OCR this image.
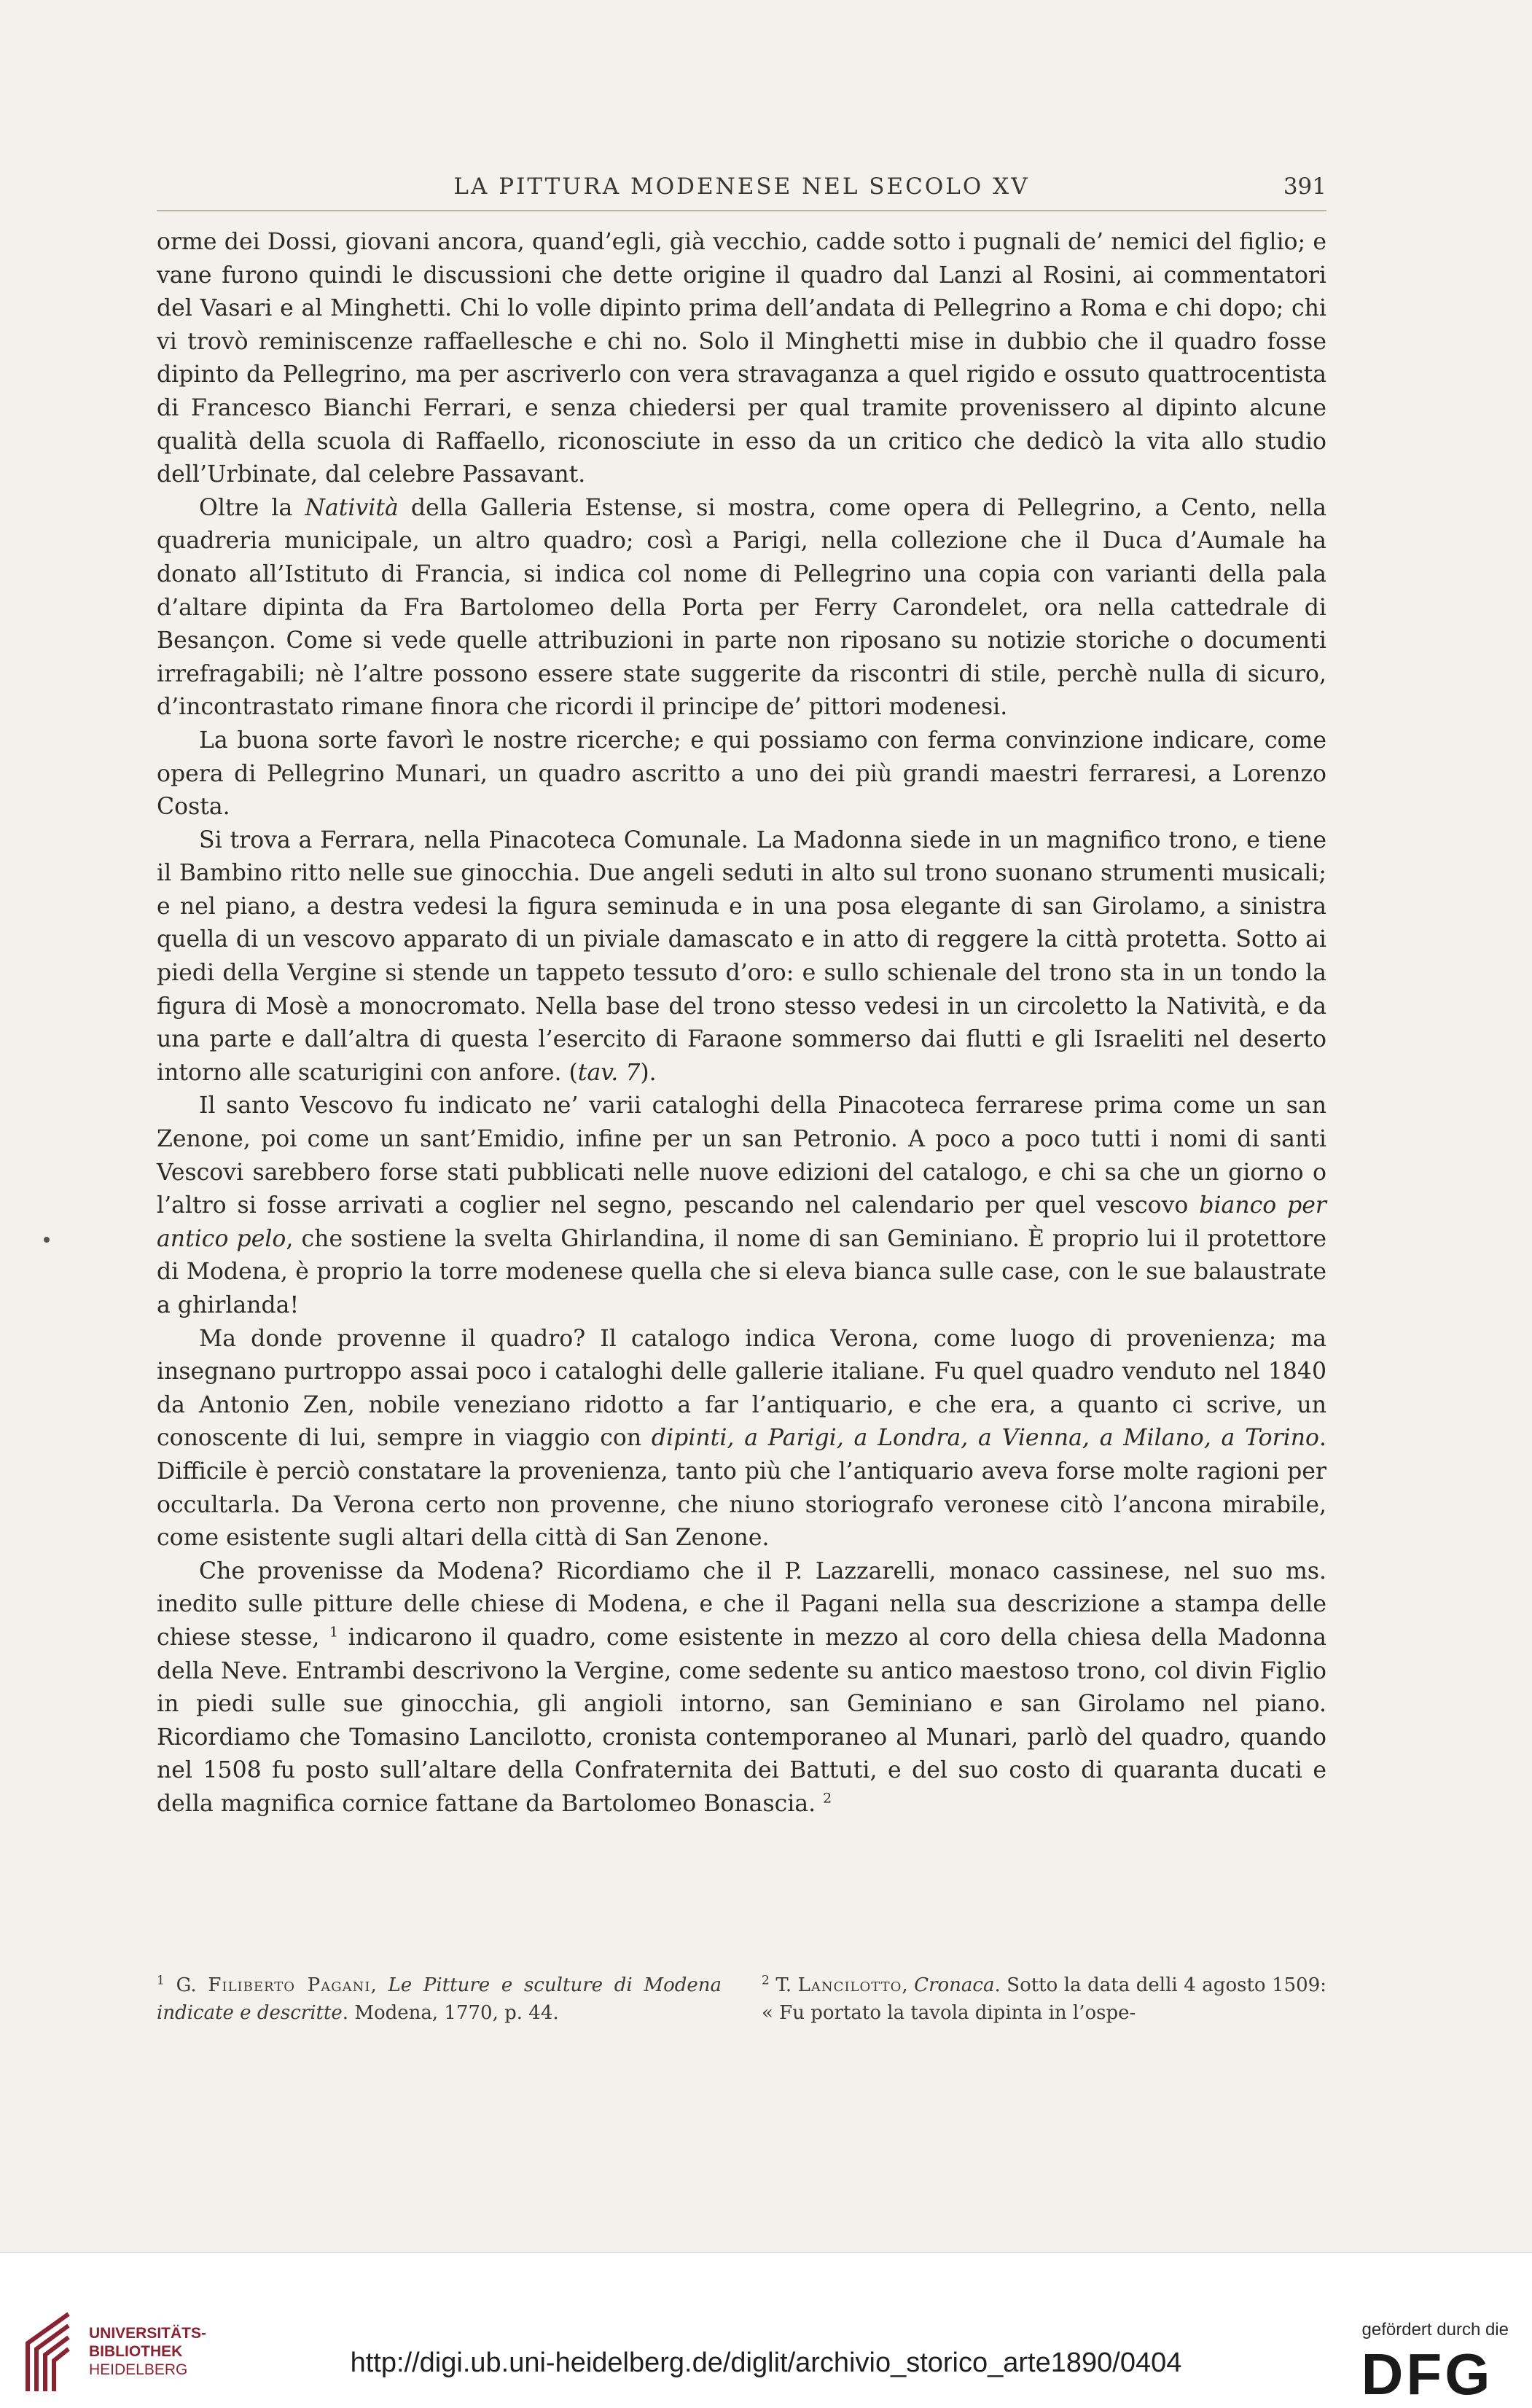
LA PITTURA MODENESE NEL SECOLO XV	391

orme dei Dossi, giovani ancora, quand’egli, già vecchio, cadde sotto i pugnali de’ nemici del figlio; e vane furono quindi le discussioni che dette origine il quadro dal Lanzi al Rosini, ai commentatori del Vasari e al Minghetti. Chi lo volle dipinto prima dell’andata di Pellegrino a Roma e chi dopo; chi vi trovò reminiscenze raffaellesche e chi no. Solo il Minghetti mise in dubbio che il quadro fosse dipinto da Pellegrino, ma per ascriverlo con vera stravaganza a quel rigido e ossuto quattrocentista di Francesco Bianchi Ferrari, e senza chiedersi per qual tramite provenissero al dipinto alcune qualità della scuola di Raffaello, riconosciute in esso da un critico che dedicò la vita allo studio dell’Urbinate, dal celebre Passavant.

Oltre la Natività della Galleria Estense, si mostra, come opera di Pellegrino, a Cento, nella quadreria municipale, un altro quadro; così a Parigi, nella collezione che il Duca d’Aumale ha donato all’Istituto di Francia, si indica col nome di Pellegrino una copia con varianti della pala d’altare dipinta da Fra Bartolomeo della Porta per Ferry Carondelet, ora nella cattedrale di Besançon. Come si vede quelle attribuzioni in parte non riposano su notizie storiche o documenti irrefragabili; nè l’altre possono essere state suggerite da riscontri di stile, perchè nulla di sicuro, d’incontrastato rimane finora che ricordi il principe de’ pittori modenesi.

La buona sorte favorì le nostre ricerche; e qui possiamo con ferma convinzione indicare, come opera di Pellegrino Munari, un quadro ascritto a uno dei più grandi maestri ferraresi, a Lorenzo Costa.

Si trova a Ferrara, nella Pinacoteca Comunale. La Madonna siede in un magnifico trono, e tiene il Bambino ritto nelle sue ginocchia. Due angeli seduti in alto sul trono suonano strumenti musicali; e nel piano, a destra vedesi la figura seminuda e in una posa elegante di san Girolamo, a sinistra quella di un vescovo apparato di un piviale damascato e in atto di reggere la città protetta. Sotto ai piedi della Vergine si stende un tappeto tessuto d’oro: e sullo schienale del trono sta in un tondo la figura di Mosè a monocromato. Nella base del trono stesso vedesi in un circoletto la Natività, e da una parte e dall’altra di questa l’esercito di Faraone sommerso dai flutti e gli Israeliti nel deserto intorno alle scaturigini con anfore. (tav. 7).

Il santo Vescovo fu indicato ne’ varii cataloghi della Pinacoteca ferrarese prima come un san Zenone, poi come un sant’Emidio, infine per un san Petronio. A poco a poco tutti i nomi di santi Vescovi sarebbero forse stati pubblicati nelle nuove edizioni del catalogo, e chi sa che un giorno o l’altro si fosse arrivati a coglier nel segno, pescando nel calendario per quel vescovo bianco per antico pelo, che sostiene la svelta Ghirlandina, il nome di san Geminiano. È proprio lui il protettore di Modena, è proprio la torre modenese quella che si eleva bianca sulle case, con le sue balaustrate a ghirlanda!

Ma donde provenne il quadro? Il catalogo indica Verona, come luogo di provenienza; ma insegnano purtroppo assai poco i cataloghi delle gallerie italiane. Fu quel quadro venduto nel 1840 da Antonio Zen, nobile veneziano ridotto a far l’antiquario, e che era, a quanto ci scrive, un conoscente di lui, sempre in viaggio con dipinti, a Parigi, a Londra, a Vienna, a Milano, a Torino. Difficile è perciò constatare la provenienza, tanto più che l’antiquario aveva forse molte ragioni per occultarla. Da Verona certo non provenne, che niuno storiografo veronese citò l’ancona mirabile, come esistente sugli altari della città di San Zenone.

Che provenisse da Modena? Ricordiamo che il P. Lazzarelli, monaco cassinese, nel suo ms. inedito sulle pitture delle chiese di Modena, e che il Pagani nella sua descrizione a stampa delle chiese stesse, $^1$ indicarono il quadro, come esistente in mezzo al coro della chiesa della Madonna della Neve. Entrambi descrivono la Vergine, come sedente su antico maestoso trono, col divin Figlio in piedi sulle sue ginocchia, gli angioli intorno, san Geminiano e san Girolamo nel piano. Ricordiamo che Tomasino Lancilotto, cronista contemporaneo al Munari, parlò del quadro, quando nel 1508 fu posto sull’altare della Confraternita dei Battuti, e del suo costo di quaranta ducati e della magnifica cornice fattane da Bartolomeo Bonascia. $^2$

$^1$ G. Filiberto Pagani, Le Pitture e sculture di Modena indicate e descritte. Modena, 1770, p. 44.
$^2$ T. Lancilotto, Cronaca. Sotto la data delli 4 agosto 1509: « Fu portato la tavola dipinta in l’ospe-
UNIVERSITÄTS-
BIBLIOTHEK
HEIDELBERG	http://digi.ub.uni-heidelberg.de/diglit/archivio_storico_arte1890/0404
gefördert durch die
DFG
